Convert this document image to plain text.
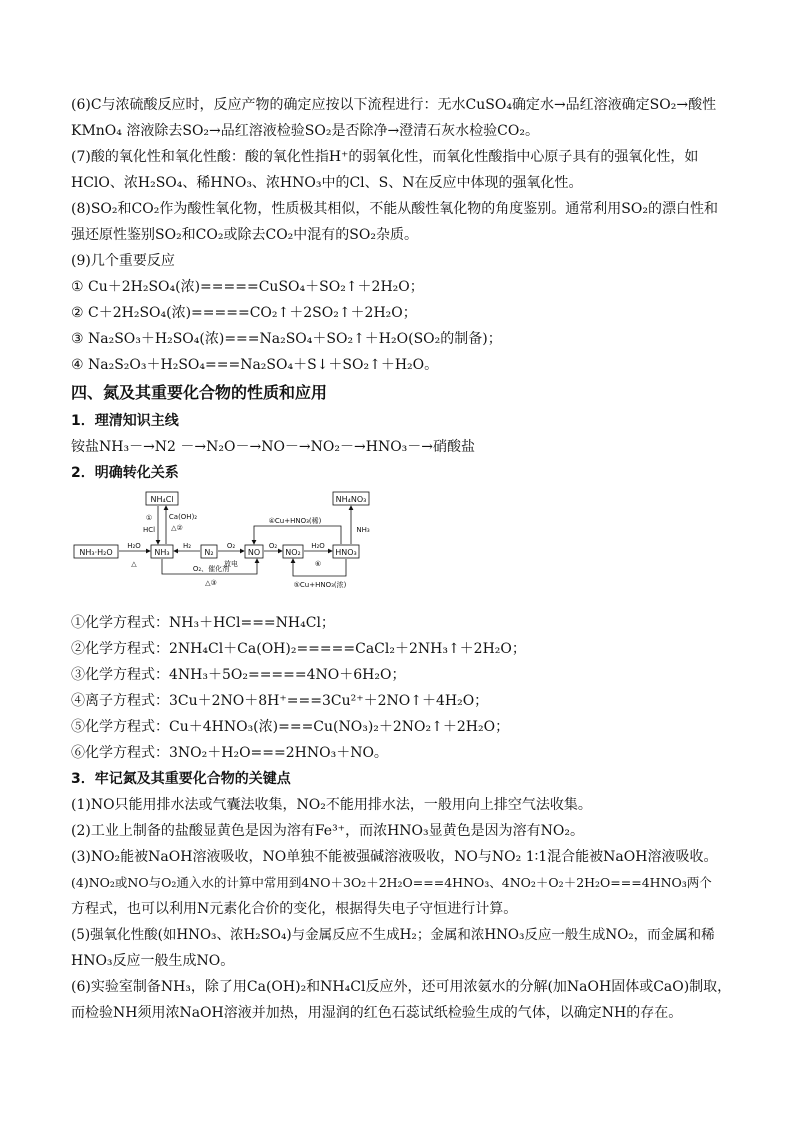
(6)C与浓硫酸反应时，反应产物的确定应按以下流程进行：无水CuSO₄确定水→品红溶液确定SO₂→酸性

KMnO₄ 溶液除去SO₂→品红溶液检验SO₂是否除净→澄清石灰水检验CO₂。

(7)酸的氧化性和氧化性酸：酸的氧化性指H⁺的弱氧化性，而氧化性酸指中心原子具有的强氧化性，如

HClO、浓H₂SO₄、稀HNO₃、浓HNO₃中的Cl、S、N在反应中体现的强氧化性。

(8)SO₂和CO₂作为酸性氧化物，性质极其相似，不能从酸性氧化物的角度鉴别。通常利用SO₂的漂白性和

强还原性鉴别SO₂和CO₂或除去CO₂中混有的SO₂杂质。

(9)几个重要反应

① Cu＋2H₂SO₄(浓)=====CuSO₄＋SO₂↑＋2H₂O；

② C＋2H₂SO₄(浓)=====CO₂↑＋2SO₂↑＋2H₂O；

③ Na₂SO₃＋H₂SO₄(浓)===Na₂SO₄＋SO₂↑＋H₂O(SO₂的制备)；

④ Na₂S₂O₃＋H₂SO₄===Na₂SO₄＋S↓＋SO₂↑＋H₂O。

四、氮及其重要化合物的性质和应用

1．理清知识主线

铵盐NH₃－→N2 －→N₂O－→NO－→NO₂－→HNO₃－→硝酸盐

2．明确转化关系

NH₄Cl
NH₃·H₂O	NH₃	N₂	NO	NO₂	HNO₃
NH₄NO₃
①
HCl
Ca(OH)₂
△②
H₂O
△
H₂	O₂
放电
O₂	H₂O
⑥
④Cu+HNO₃(稀)
NH₃
O₂、催化剂
△③	⑤Cu+HNO₃(浓)

①化学方程式：NH₃＋HCl===NH₄Cl；

②化学方程式：2NH₄Cl＋Ca(OH)₂=====CaCl₂＋2NH₃↑＋2H₂O；

③化学方程式：4NH₃＋5O₂=====4NO＋6H₂O；

④离子方程式：3Cu＋2NO＋8H⁺===3Cu²⁺＋2NO↑＋4H₂O；

⑤化学方程式：Cu＋4HNO₃(浓)===Cu(NO₃)₂＋2NO₂↑＋2H₂O；

⑥化学方程式：3NO₂＋H₂O===2HNO₃＋NO。

3．牢记氮及其重要化合物的关键点

(1)NO只能用排水法或气囊法收集，NO₂不能用排水法，一般用向上排空气法收集。

(2)工业上制备的盐酸显黄色是因为溶有Fe³⁺，而浓HNO₃显黄色是因为溶有NO₂。

(3)NO₂能被NaOH溶液吸收，NO单独不能被强碱溶液吸收，NO与NO₂ 1∶1混合能被NaOH溶液吸收。

(4)NO₂或NO与O₂通入水的计算中常用到4NO＋3O₂＋2H₂O===4HNO₃、4NO₂＋O₂＋2H₂O===4HNO₃两个

方程式，也可以利用N元素化合价的变化，根据得失电子守恒进行计算。

(5)强氧化性酸(如HNO₃、浓H₂SO₄)与金属反应不生成H₂；金属和浓HNO₃反应一般生成NO₂，而金属和稀

HNO₃反应一般生成NO。

(6)实验室制备NH₃，除了用Ca(OH)₂和NH₄Cl反应外，还可用浓氨水的分解(加NaOH固体或CaO)制取，

而检验NH须用浓NaOH溶液并加热，用湿润的红色石蕊试纸检验生成的气体，以确定NH的存在。
